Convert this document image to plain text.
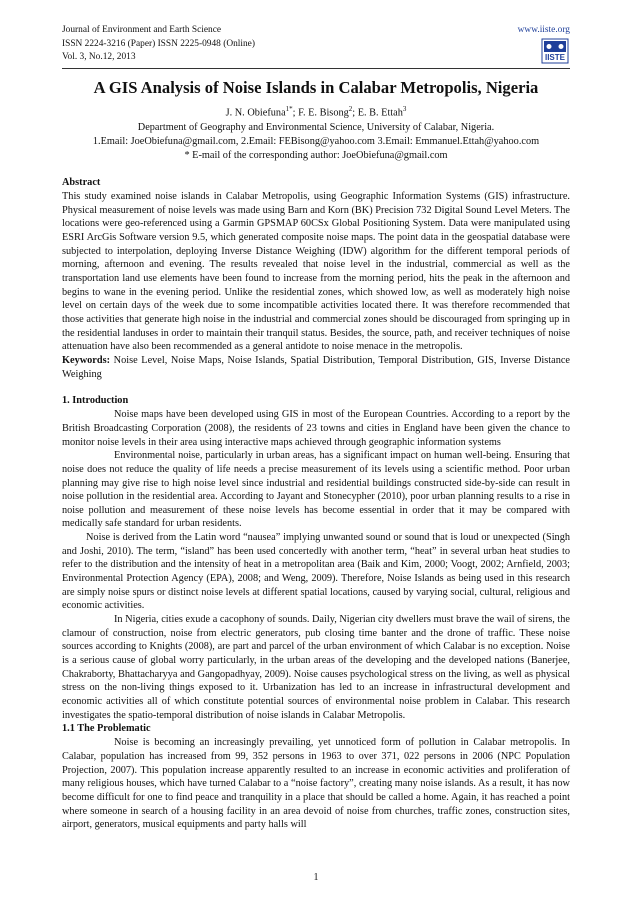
Journal of Environment and Earth Science
ISSN 2224-3216 (Paper) ISSN 2225-0948 (Online)
Vol. 3, No.12, 2013
www.iiste.org
IISTE
A GIS Analysis of Noise Islands in Calabar Metropolis, Nigeria
J. N. Obiefuna$^{1*}$; F. E. Bisong$^2$; E. B. Ettah$^3$
Department of Geography and Environmental Science, University of Calabar, Nigeria.
1.Email: JoeObiefuna@gmail.com, 2.Email: FEBisong@yahoo.com 3.Email: Emmanuel.Ettah@yahoo.com
* E-mail of the corresponding author: JoeObiefuna@gmail.com
Abstract

This study examined noise islands in Calabar Metropolis, using Geographic Information Systems (GIS) infrastructure. Physical measurement of noise levels was made using Barn and Korn (BK) Precision 732 Digital Sound Level Meters. The locations were geo-referenced using a Garmin GPSMAP 60CSx Global Positioning System. Data were manipulated using ESRI ArcGis Software version 9.5, which generated composite noise maps. The point data in the geospatial database were subjected to interpolation, deploying Inverse Distance Weighing (IDW) algorithm for the different temporal periods of morning, afternoon and evening. The results revealed that noise level in the industrial, commercial as well as the transportation land use elements have been found to increase from the morning period, hits the peak in the afternoon and begins to wane in the evening period. Unlike the residential zones, which showed low, as well as moderately high noise level on certain days of the week due to some incompatible activities located there. It was therefore recommended that those activities that generate high noise in the industrial and commercial zones should be discouraged from springing up in the residential landuses in order to maintain their tranquil status. Besides, the source, path, and receiver techniques of noise attenuation have also been recommended as a general antidote to noise menace in the metropolis.

Keywords: Noise Level, Noise Maps, Noise Islands, Spatial Distribution, Temporal Distribution, GIS, Inverse Distance Weighing

1. Introduction

Noise maps have been developed using GIS in most of the European Countries. According to a report by the British Broadcasting Corporation (2008), the residents of 23 towns and cities in England have been given the chance to monitor noise levels in their area using interactive maps achieved through geographic information systems

Environmental noise, particularly in urban areas, has a significant impact on human well-being. Ensuring that noise does not reduce the quality of life needs a precise measurement of its levels using a scientific method. Poor urban planning may give rise to high noise level since industrial and residential buildings constructed side-by-side can result in noise pollution in the residential area. According to Jayant and Stonecypher (2010), poor urban planning results to a rise in noise pollution and measurement of these noise levels has become essential in order that it may be compared with medically safe standard for urban residents.

Noise is derived from the Latin word “nausea” implying unwanted sound or sound that is loud or unexpected (Singh and Joshi, 2010). The term, “island” has been used concertedly with another term, “heat” in several urban heat studies to refer to the distribution and the intensity of heat in a metropolitan area (Baik and Kim, 2000; Voogt, 2002; Arnfield, 2003; Environmental Protection Agency (EPA), 2008; and Weng, 2009). Therefore, Noise Islands as being used in this research are simply noise spurs or distinct noise levels at different spatial locations, caused by varying social, cultural, religious and economic activities.

In Nigeria, cities exude a cacophony of sounds. Daily, Nigerian city dwellers must brave the wail of sirens, the clamour of construction, noise from electric generators, pub closing time banter and the drone of traffic. These noise sources according to Knights (2008), are part and parcel of the urban environment of which Calabar is no exception. Noise is a serious cause of global worry particularly, in the urban areas of the developing and the developed nations (Banerjee, Chakraborty, Bhattacharyya and Gangopadhyay, 2009). Noise causes psychological stress on the living, as well as physical stress on the non-living things exposed to it. Urbanization has led to an increase in infrastructural development and economic activities all of which constitute potential sources of environmental noise problem in Calabar. This research investigates the spatio-temporal distribution of noise islands in Calabar Metropolis.

1.1 The Problematic

Noise is becoming an increasingly prevailing, yet unnoticed form of pollution in Calabar metropolis. In Calabar, population has increased from 99, 352 persons in 1963 to over 371, 022 persons in 2006 (NPC Population Projection, 2007). This population increase apparently resulted to an increase in economic activities and proliferation of many religious houses, which have turned Calabar to a “noise factory”, creating many noise islands. As a result, it has now become difficult for one to find peace and tranquility in a place that should be called a home. Again, it has reached a point where someone in search of a housing facility in an area devoid of noise from churches, traffic zones, construction sites, airport, generators, musical equipments and party halls will

1
